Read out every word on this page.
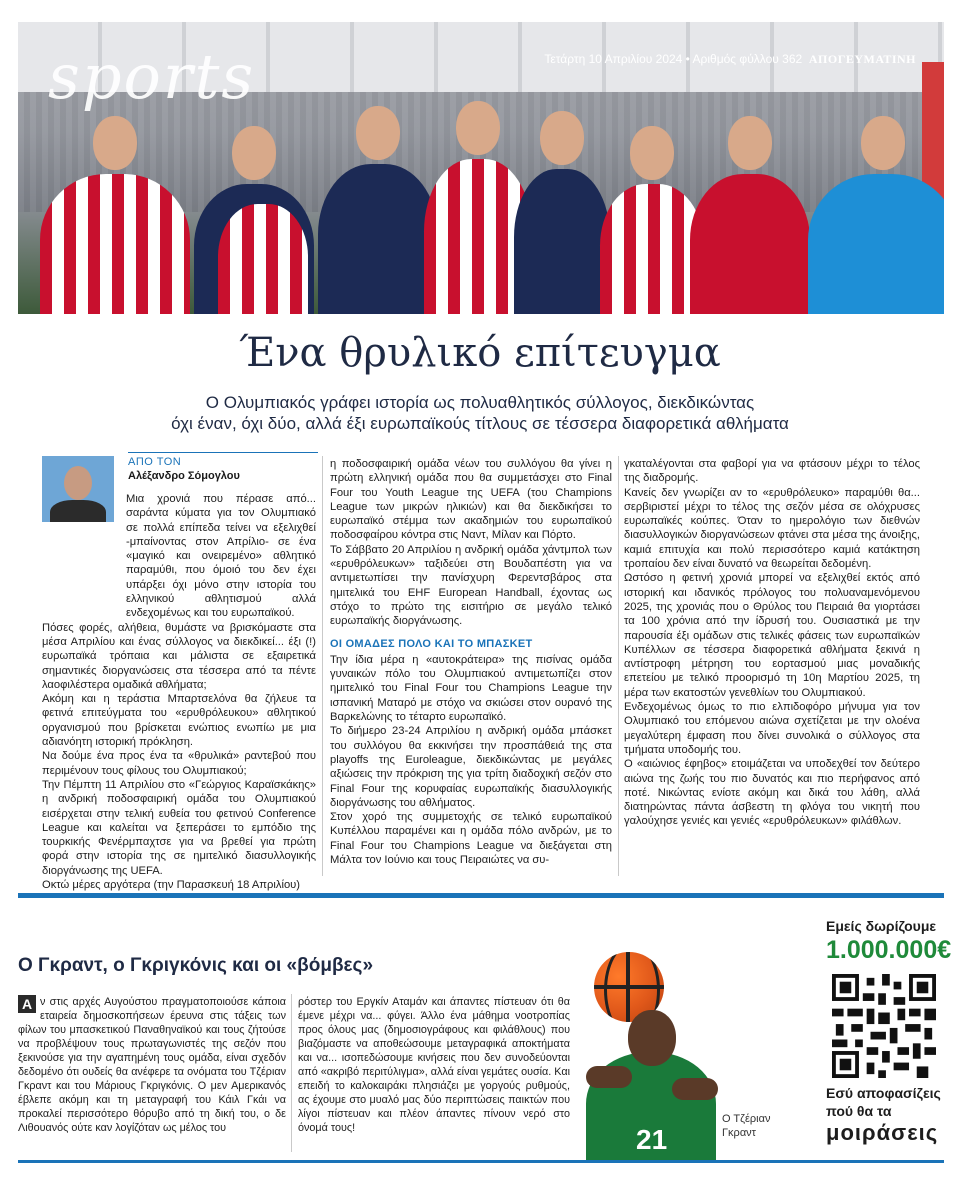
sports	Τετάρτη 10 Απριλίου 2024 • Αριθμός φύλλου 362 ΑΠΟΓΕΥΜΑΤΙΝΗ
Ένα θρυλικό επίτευγμα
Ο Ολυμπιακός γράφει ιστορία ως πολυαθλητικός σύλλογος, διεκδικώντας
όχι έναν, όχι δύο, αλλά έξι ευρωπαϊκούς τίτλους σε τέσσερα διαφορετικά αθλήματα
ΑΠΟ ΤΟΝ
Αλέξανδρο Σόμογλου

Μια χρονιά που πέρασε από... σαράντα κύματα για τον Ολυμπιακό σε πολλά επίπεδα τείνει να εξελιχθεί -μπαίνοντας στον Απρίλιο- σε ένα «μαγικό και ονειρεμένο» αθλητικό παραμύθι, που όμοιό του δεν έχει υπάρξει όχι μόνο στην ιστορία του ελληνικού αθλητισμού αλλά ενδεχομένως και του ευρωπαϊκού.

Πόσες φορές, αλήθεια, θυμάστε να βρισκόμαστε στα μέσα Απριλίου και ένας σύλλογος να διεκδικεί... έξι (!) ευρωπαϊκά τρόπαια και μάλιστα σε εξαιρετικά σημαντικές διοργανώσεις στα τέσσερα από τα πέντε λαοφιλέστερα ομαδικά αθλήματα;

Ακόμη και η τεράστια Μπαρτσελόνα θα ζήλευε τα φετινά επιτεύγματα του «ερυθρόλευκου» αθλητικού οργανισμού που βρίσκεται ενώπιος ενωπίω με μια αδιανόητη ιστορική πρόκληση.

Να δούμε ένα προς ένα τα «θρυλικά» ραντεβού που περιμένουν τους φίλους του Ολυμπιακού;

Την Πέμπτη 11 Απριλίου στο «Γεώργιος Καραϊσκάκης» η ανδρική ποδοσφαιρική ομάδα του Ολυμπιακού εισέρχεται στην τελική ευθεία του φετινού Conference League και καλείται να ξεπεράσει το εμπόδιο της τουρκικής Φενέρμπαχτσε για να βρεθεί για πρώτη φορά στην ιστορία της σε ημιτελικό διασυλλογικής διοργάνωσης της UEFA.

Οκτώ μέρες αργότερα (την Παρασκευή 18 Απριλίου)

η ποδοσφαιρική ομάδα νέων του συλλόγου θα γίνει η πρώτη ελληνική ομάδα που θα συμμετάσχει στο Final Four του Youth League της UEFA (του Champions League των μικρών ηλικιών) και θα διεκδικήσει το ευρωπαϊκό στέμμα των ακαδημιών του ευρωπαϊκού ποδοσφαίρου κόντρα στις Ναντ, Μίλαν και Πόρτο.

Το Σάββατο 20 Απριλίου η ανδρική ομάδα χάντμπολ των «ερυθρόλευκων» ταξιδεύει στη Βουδαπέστη για να αντιμετωπίσει την πανίσχυρη Φερεντσβάρος στα ημιτελικά του EHF European Handball, έχοντας ως στόχο το πρώτο της εισιτήριο σε μεγάλο τελικό ευρωπαϊκής διοργάνωσης.

ΟΙ ΟΜΑΔΕΣ ΠΟΛΟ ΚΑΙ ΤΟ ΜΠΑΣΚΕΤ

Την ίδια μέρα η «αυτοκράτειρα» της πισίνας ομάδα γυναικών πόλο του Ολυμπιακού αντιμετωπίζει στον ημιτελικό του Final Four του Champions League την ισπανική Ματαρό με στόχο να σκιώσει στον ουρανό της Βαρκελώνης το τέταρτο ευρωπαϊκό.

Το διήμερο 23-24 Απριλίου η ανδρική ομάδα μπάσκετ του συλλόγου θα εκκινήσει την προσπάθειά της στα playoffs της Euroleague, διεκδικώντας με μεγάλες αξιώσεις την πρόκριση της για τρίτη διαδοχική σεζόν στο Final Four της κορυφαίας ευρωπαϊκής διασυλλογικής διοργάνωσης του αθλήματος.

Στον χορό της συμμετοχής σε τελικό ευρωπαϊκού Κυπέλλου παραμένει και η ομάδα πόλο ανδρών, με το Final Four του Champions League να διεξάγεται στη Μάλτα τον Ιούνιο και τους Πειραιώτες να συ-

γκαταλέγονται στα φαβορί για να φτάσουν μέχρι το τέλος της διαδρομής.

Κανείς δεν γνωρίζει αν το «ερυθρόλευκο» παραμύθι θα... σερβιριστεί μέχρι το τέλος της σεζόν μέσα σε ολόχρυσες ευρωπαϊκές κούπες. Όταν το ημερολόγιο των διεθνών διασυλλογικών διοργανώσεων φτάνει στα μέσα της άνοιξης, καμιά επιτυχία και πολύ περισσότερο καμιά κατάκτηση τροπαίου δεν είναι δυνατό να θεωρείται δεδομένη.

Ωστόσο η φετινή χρονιά μπορεί να εξελιχθεί εκτός από ιστορική και ιδανικός πρόλογος του πολυαναμενόμενου 2025, της χρονιάς που ο Θρύλος του Πειραιά θα γιορτάσει τα 100 χρόνια από την ίδρυσή του. Ουσιαστικά με την παρουσία έξι ομάδων στις τελικές φάσεις των ευρωπαϊκών Κυπέλλων σε τέσσερα διαφορετικά αθλήματα ξεκινά η αντίστροφη μέτρηση του εορτασμού μιας μοναδικής επετείου με τελικό προορισμό τη 10η Μαρτίου 2025, τη μέρα των εκατοστών γενεθλίων του Ολυμπιακού.

Ενδεχομένως όμως το πιο ελπιδοφόρο μήνυμα για τον Ολυμπιακό του επόμενου αιώνα σχετίζεται με την ολοένα μεγαλύτερη έμφαση που δίνει συνολικά ο σύλλογος στα τμήματα υποδομής του.

Ο «αιώνιος έφηβος» ετοιμάζεται να υποδεχθεί τον δεύτερο αιώνα της ζωής του πιο δυνατός και πιο περήφανος από ποτέ. Νικώντας ενίοτε ακόμη και δικά του λάθη, αλλά διατηρώντας πάντα άσβεστη τη φλόγα του νικητή που γαλούχησε γενιές και γενιές «ερυθρόλευκων» φιλάθλων.

Ο Γκραντ, ο Γκριγκόνις και οι «βόμβες»
Α ν στις αρχές Αυγούστου πραγματοποιούσε κάποια εταιρεία δημοσκοπήσεων έρευνα στις τάξεις των φίλων του μπασκετικού Παναθηναϊκού και τους ζήτούσε να προβλέψουν τους πρωταγωνιστές της σεζόν που ξεκινούσε για την αγαπημένη τους ομάδα, είναι σχεδόν δεδομένο ότι ουδείς θα ανέφερε τα ονόματα του Τζέριαν Γκραντ και του Μάριους Γκριγκόνις. Ο μεν Αμερικανός έβλεπε ακόμη και τη μεταγραφή του Κάιλ Γκάι να προκαλεί περισσότερο θόρυβο από τη δική του, ο δε Λιθουανός ούτε καν λογίζόταν ως μέλος του
ρόστερ του Εργκίν Αταμάν και άπαντες πίστευαν ότι θα έμενε μέχρι να... φύγει. Άλλο ένα μάθημα νοοτροπίας προς όλους μας (δημοσιογράφους και φιλάθλους) που βιαζόμαστε να αποθεώσουμε μεταγραφικά αποκτήματα και να... ισοπεδώσουμε κινήσεις που δεν συνοδεύονται από «ακριβό περιτύλιγμα», αλλά είναι γεμάτες ουσία. Και επειδή το καλοκαιράκι πλησιάζει με γοργούς ρυθμούς, ας έχουμε στο μυαλό μας δύο περιπτώσεις παικτών που λίγοι πίστευαν και πλέον άπαντες πίνουν νερό στο όνομά τους!	21
Ο Τζέριαν
Γκραντ
Εμείς δωρίζουμε
1.000.000€
Εσύ αποφασίζεις
πού θα τα
μοιράσεις
